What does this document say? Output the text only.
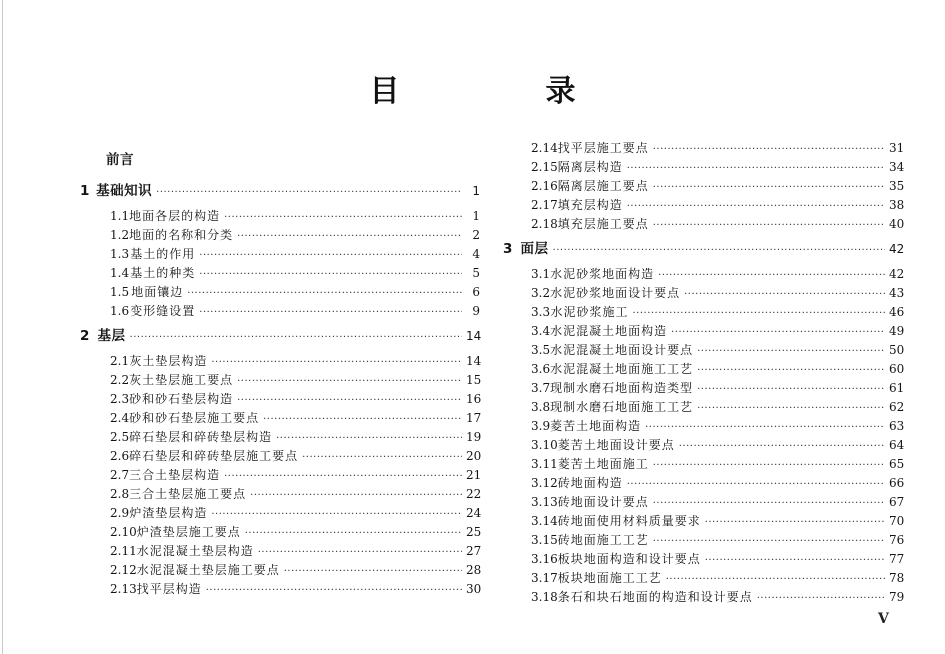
目　录
前言
1 基础知识 ·····	1
1.1 地面各层的构造 ·····	1
1.2 地面的名称和分类 ·····	2
1.3 基土的作用 ·····	4
1.4 基土的种类 ·····	5
1.5 地面镶边 ·····	6
1.6 变形缝设置 ·····	9
2 基层 ·····	14
2.1 灰土垫层构造 ·····	14
2.2 灰土垫层施工要点 ·····	15
2.3 砂和砂石垫层构造 ·····	16
2.4 砂和砂石垫层施工要点 ·····	17
2.5 碎石垫层和碎砖垫层构造 ·····	19
2.6 碎石垫层和碎砖垫层施工要点 ·····	20
2.7 三合土垫层构造 ·····	21
2.8 三合土垫层施工要点 ·····	22
2.9 炉渣垫层构造 ·····	24
2.10 炉渣垫层施工要点 ·····	25
2.11 水泥混凝土垫层构造 ·····	27
2.12 水泥混凝土垫层施工要点 ·····	28
2.13 找平层构造 ·····	30
2.14 找平层施工要点 ·····	31
2.15 隔离层构造 ·····	34
2.16 隔离层施工要点 ·····	35
2.17 填充层构造 ·····	38
2.18 填充层施工要点 ·····	40
3 面层 ·····	42
3.1 水泥砂浆地面构造 ·····	42
3.2 水泥砂浆地面设计要点 ·····	43
3.3 水泥砂浆施工 ·····	46
3.4 水泥混凝土地面构造 ·····	49
3.5 水泥混凝土地面设计要点 ·····	50
3.6 水泥混凝土地面施工工艺 ·····	60
3.7 现制水磨石地面构造类型 ·····	61
3.8 现制水磨石地面施工工艺 ·····	62
3.9 菱苦土地面构造 ·····	63
3.10 菱苦土地面设计要点 ·····	64
3.11 菱苦土地面施工 ·····	65
3.12 砖地面构造 ·····	66
3.13 砖地面设计要点 ·····	67
3.14 砖地面使用材料质量要求 ·····	70
3.15 砖地面施工工艺 ·····	76
3.16 板块地面构造和设计要点 ·····	77
3.17 板块地面施工工艺 ·····	78
3.18 条石和块石地面的构造和设计要点 ·····	79
V
